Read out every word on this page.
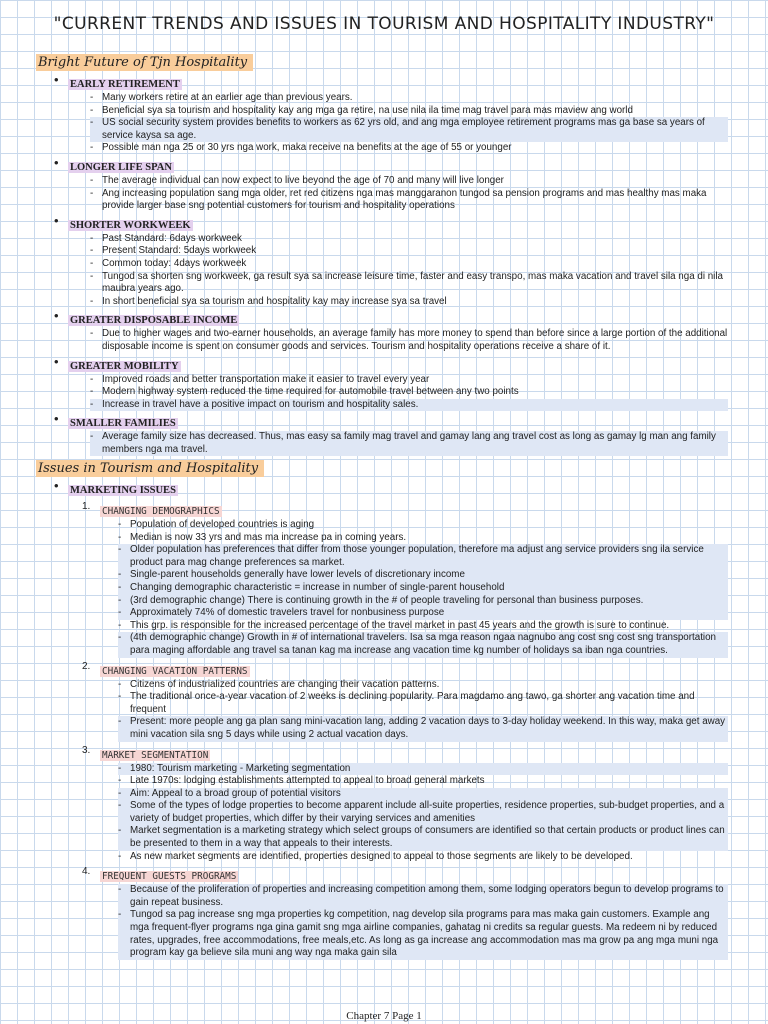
"CURRENT TRENDS AND ISSUES IN TOURISM AND HOSPITALITY INDUSTRY"
Bright Future of Tjn Hospitality
• EARLY RETIREMENT
- Many workers retire at an earlier age than previous years.
- Beneficial sya sa tourism and hospitality kay ang mga ga retire, na use nila ila time mag travel para mas maview ang world
- US social security system provides benefits to workers as 62 yrs old, and ang mga employee retirement programs mas ga base sa years of service kaysa sa age.
- Possible man nga 25 or 30 yrs nga work, maka receive na benefits at the age of 55 or younger
• LONGER LIFE SPAN
- The average individual can now expect to live beyond the age of 70 and many will live longer
- Ang increasing population sang mga older, ret red citizens nga mas manggaranon tungod sa pension programs and mas healthy mas maka provide larger base sng potential customers for tourism and hospitality operations
• SHORTER WORKWEEK
- Past Standard: 6days workweek
- Present Standard: 5days workweek
- Common today: 4days workweek
- Tungod sa shorten sng workweek, ga result sya sa increase leisure time, faster and easy transpo, mas maka vacation and travel sila nga di nila maubra years ago.
- In short beneficial sya sa tourism and hospitality kay may increase sya sa travel
• GREATER DISPOSABLE INCOME
- Due to higher wages and two-earner households, an average family has more money to spend than before since a large portion of the additional disposable income is spent on consumer goods and services. Tourism and hospitality operations receive a share of it.
• GREATER MOBILITY
- Improved roads and better transportation make it easier to travel every year
- Modern highway system reduced the time required for automobile travel between any two points
- Increase in travel have a positive impact on tourism and hospitality sales.
• SMALLER FAMILIES
- Average family size has decreased. Thus, mas easy sa family mag travel and gamay lang ang travel cost as long as gamay lg man ang family members nga ma travel.
Issues in Tourism and Hospitality
• MARKETING ISSUES
1. CHANGING DEMOGRAPHICS
- Population of developed countries is aging
- Median is now 33 yrs and mas ma increase pa in coming years.
- Older population has preferences that differ from those younger population, therefore ma adjust ang service providers sng ila service product para mag change preferences sa market.
- Single-parent households generally have lower levels of discretionary income
- Changing demographic characteristic = increase in number of single-parent household
- (3rd demographic change) There is continuing growth in the # of people traveling for personal than business purposes.
- Approximately 74% of domestic travelers travel for nonbusiness purpose
- This grp. is responsible for the increased percentage of the travel market in past 45 years and the growth is sure to continue.
- (4th demographic change) Growth in # of international travelers. Isa sa mga reason ngaa nagnubo ang cost sng cost sng transportation para maging affordable ang travel sa tanan kag ma increase ang vacation time kg number of holidays sa iban nga countries.
2. CHANGING VACATION PATTERNS
- Citizens of industrialized countries are changing their vacation patterns.
- The traditional once-a-year vacation of 2 weeks is declining popularity. Para magdamo ang tawo, ga shorter ang vacation time and frequent
- Present: more people ang ga plan sang mini-vacation lang, adding 2 vacation days to 3-day holiday weekend. In this way, maka get away mini vacation sila sng 5 days while using 2 actual vacation days.
3. MARKET SEGMENTATION
- 1980: Tourism marketing - Marketing segmentation
- Late 1970s: lodging establishments attempted to appeal to broad general markets
- Aim: Appeal to a broad group of potential visitors
- Some of the types of lodge properties to become apparent include all-suite properties, residence properties, sub-budget properties, and a variety of budget properties, which differ by their varying services and amenities
- Market segmentation is a marketing strategy which select groups of consumers are identified so that certain products or product lines can be presented to them in a way that appeals to their interests.
- As new market segments are identified, properties designed to appeal to those segments are likely to be developed.
4. FREQUENT GUESTS PROGRAMS
- Because of the proliferation of properties and increasing competition among them, some lodging operators begun to develop programs to gain repeat business.
- Tungod sa pag increase sng mga properties kg competition, nag develop sila programs para mas maka gain customers. Example ang mga frequent-flyer programs nga gina gamit sng mga airline companies, gahatag ni credits sa regular guests. Ma redeem ni by reduced rates, upgrades, free accommodations, free meals,etc. As long as ga increase ang accommodation mas ma grow pa ang mga muni nga program kay ga believe sila muni ang way nga maka gain sila
Chapter 7 Page 1
